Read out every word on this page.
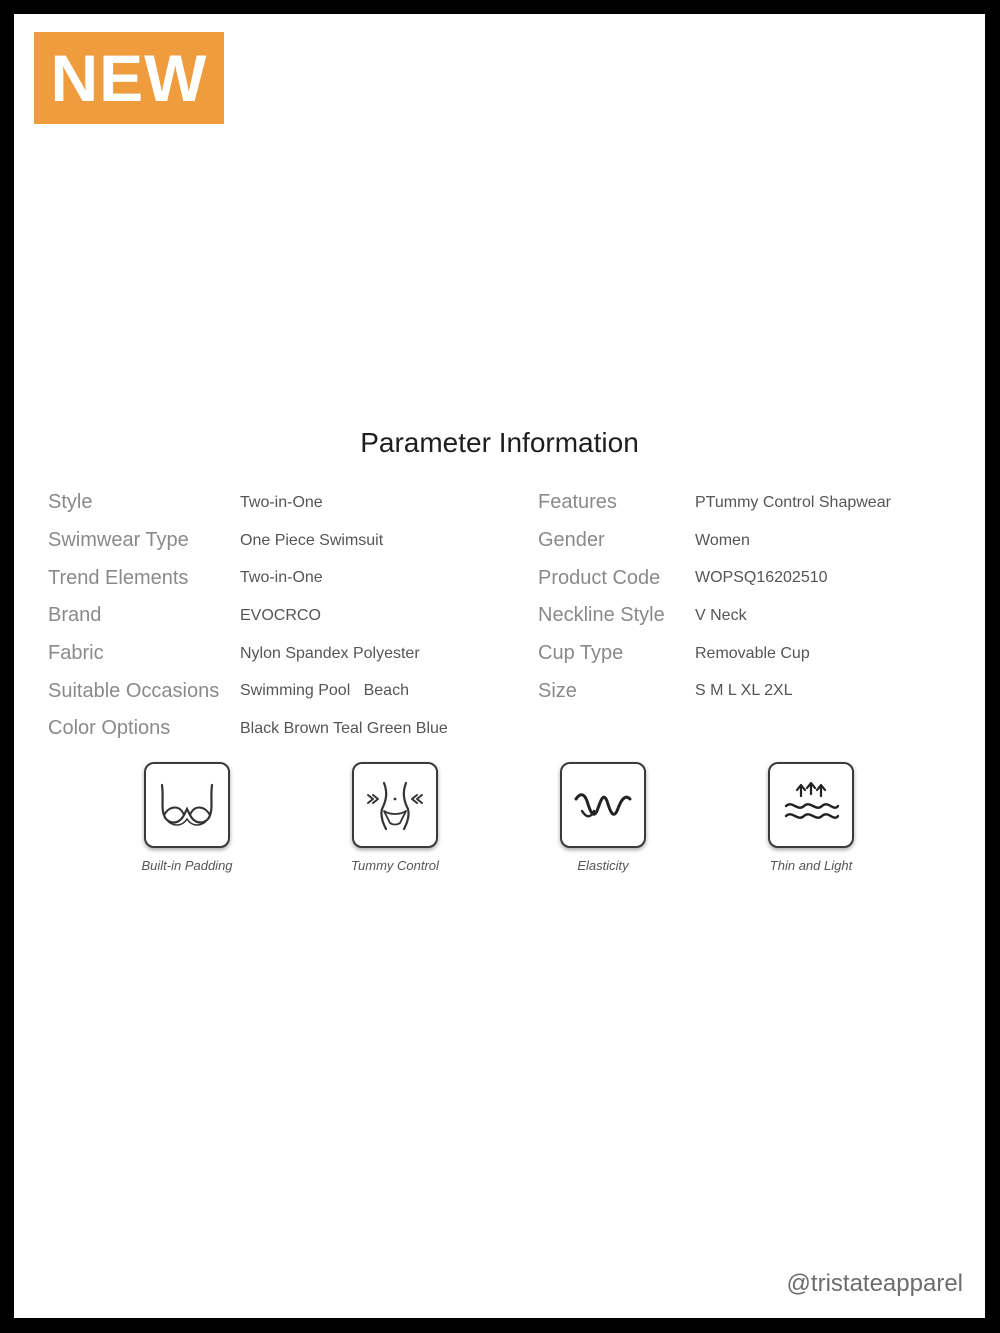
NEW
Parameter Information
Style	Two-in-One
Swimwear Type	One Piece Swimsuit
Trend Elements	Two-in-One
Brand	EVOCRCO
Fabric	Nylon Spandex Polyester
Suitable Occasions	Swimming Pool   Beach
Color Options	Black Brown Teal Green Blue
Features	PTummy Control Shapwear
Gender	Women
Product Code	WOPSQ16202510
Neckline Style	V Neck
Cup Type	Removable Cup
Size	S M L XL 2XL
Built-in Padding	Tummy Control	Elasticity	Thin and Light
@tristateapparel
